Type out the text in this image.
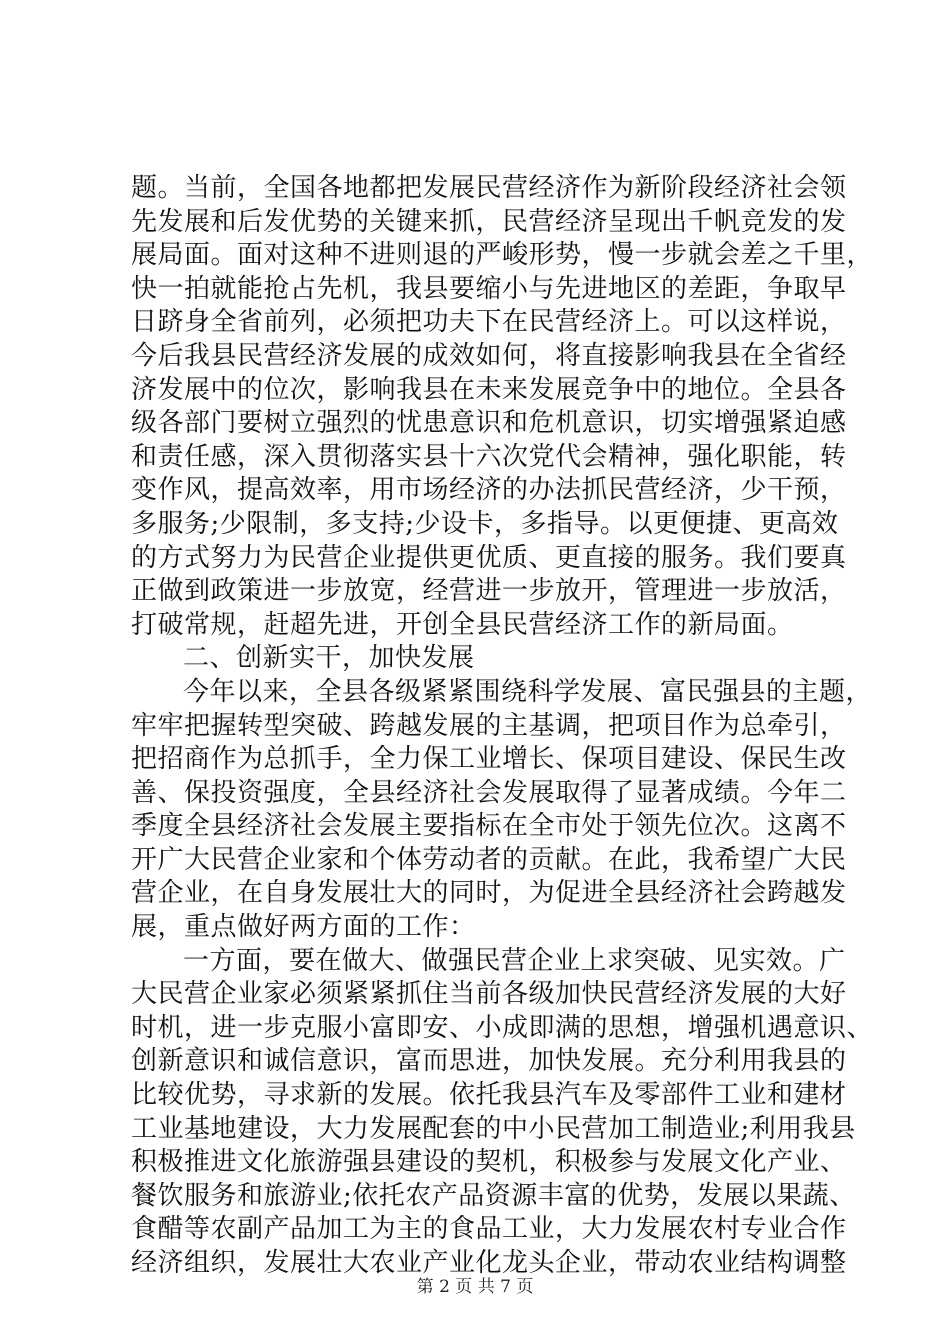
题。当前，全国各地都把发展民营经济作为新阶段经济社会领
先发展和后发优势的关键来抓，民营经济呈现出千帆竞发的发
展局面。面对这种不进则退的严峻形势，慢一步就会差之千里，
快一拍就能抢占先机，我县要缩小与先进地区的差距，争取早
日跻身全省前列，必须把功夫下在民营经济上。可以这样说，
今后我县民营经济发展的成效如何，将直接影响我县在全省经
济发展中的位次，影响我县在未来发展竞争中的地位。全县各
级各部门要树立强烈的忧患意识和危机意识，切实增强紧迫感
和责任感，深入贯彻落实县十六次党代会精神，强化职能，转
变作风，提高效率，用市场经济的办法抓民营经济，少干预，
多服务;少限制，多支持;少设卡，多指导。以更便捷、更高效
的方式努力为民营企业提供更优质、更直接的服务。我们要真
正做到政策进一步放宽，经营进一步放开，管理进一步放活，
打破常规，赶超先进，开创全县民营经济工作的新局面。
二、创新实干，加快发展
今年以来，全县各级紧紧围绕科学发展、富民强县的主题，
牢牢把握转型突破、跨越发展的主基调，把项目作为总牵引，
把招商作为总抓手，全力保工业增长、保项目建设、保民生改
善、保投资强度，全县经济社会发展取得了显著成绩。今年二
季度全县经济社会发展主要指标在全市处于领先位次。这离不
开广大民营企业家和个体劳动者的贡献。在此，我希望广大民
营企业，在自身发展壮大的同时，为促进全县经济社会跨越发
展，重点做好两方面的工作：
一方面，要在做大、做强民营企业上求突破、见实效。广
大民营企业家必须紧紧抓住当前各级加快民营经济发展的大好
时机，进一步克服小富即安、小成即满的思想，增强机遇意识、
创新意识和诚信意识，富而思进，加快发展。充分利用我县的
比较优势，寻求新的发展。依托我县汽车及零部件工业和建材
工业基地建设，大力发展配套的中小民营加工制造业;利用我县
积极推进文化旅游强县建设的契机，积极参与发展文化产业、
餐饮服务和旅游业;依托农产品资源丰富的优势，发展以果蔬、
食醋等农副产品加工为主的食品工业，大力发展农村专业合作
经济组织，发展壮大农业产业化龙头企业，带动农业结构调整
第 2 页 共 7 页
